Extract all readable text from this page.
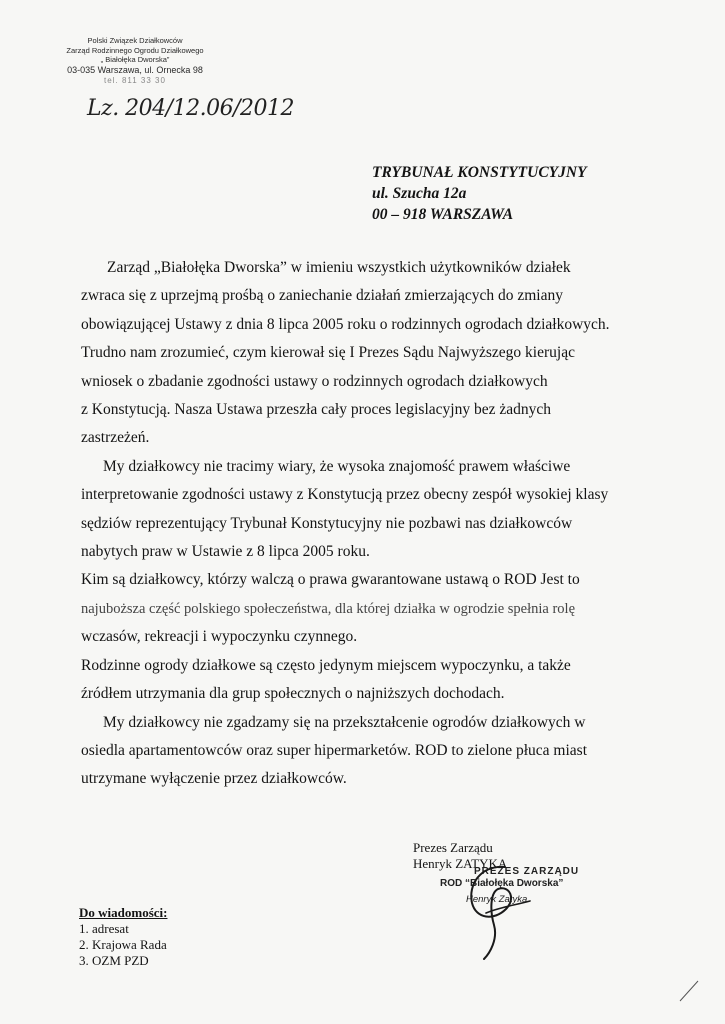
Polski Związek Działkowców
Zarząd Rodzinnego Ogrodu Działkowego
„ Białołęka Dworska”
03-035 Warszawa, ul. Ornecka 98
tel. 811 33 30
Lz. 204/12.06/2012
TRYBUNAŁ KONSTYTUCYJNY
ul. Szucha 12a
00 – 918 WARSZAWA

Zarząd „Białołęka Dworska” w imieniu wszystkich użytkowników działek

zwraca się z uprzejmą prośbą o zaniechanie działań zmierzających do zmiany

obowiązującej Ustawy z dnia 8 lipca 2005 roku o rodzinnych ogrodach działkowych.

Trudno nam zrozumieć, czym kierował się I Prezes Sądu Najwyższego kierując

wniosek o zbadanie zgodności ustawy o rodzinnych ogrodach działkowych

z Konstytucją. Nasza Ustawa przeszła cały proces legislacyjny bez żadnych

zastrzeżeń.

My działkowcy nie tracimy wiary, że wysoka znajomość prawem właściwe

interpretowanie zgodności ustawy z Konstytucją przez obecny zespół wysokiej klasy

sędziów reprezentujący Trybunał Konstytucyjny nie pozbawi nas działkowców

nabytych praw w Ustawie z 8 lipca 2005 roku.

Kim są działkowcy, którzy walczą o prawa gwarantowane ustawą o ROD Jest to

najuboższa część polskiego społeczeństwa, dla której działka w ogrodzie spełnia rolę

wczasów, rekreacji i wypoczynku czynnego.

Rodzinne ogrody działkowe są często jedynym miejscem wypoczynku, a także

źródłem utrzymania dla grup społecznych o najniższych dochodach.

My działkowcy nie zgadzamy się na przekształcenie ogrodów działkowych w

osiedla apartamentowców oraz super hipermarketów. ROD to zielone płuca miast

utrzymane wyłączenie przez działkowców.

Prezes Zarządu
Henryk ZATYKA
PREZES ZARZĄDU
ROD “Białołęka Dworska”
Henryk Zatyka
Do wiadomości:
1. adresat
2. Krajowa Rada
3. OZM PZD
